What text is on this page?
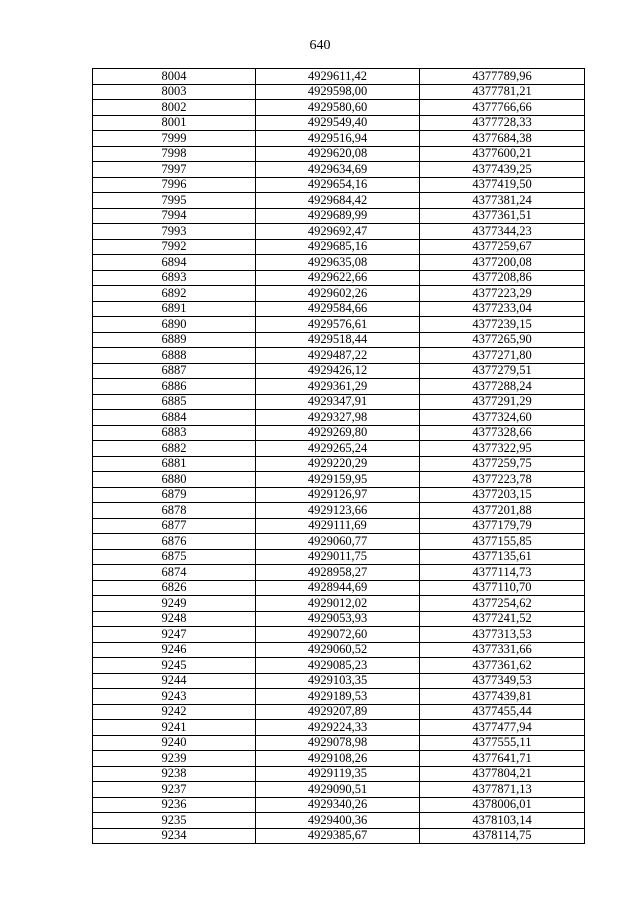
640
8004	4929611,42	4377789,96
8003	4929598,00	4377781,21
8002	4929580,60	4377766,66
8001	4929549,40	4377728,33
7999	4929516,94	4377684,38
7998	4929620,08	4377600,21
7997	4929634,69	4377439,25
7996	4929654,16	4377419,50
7995	4929684,42	4377381,24
7994	4929689,99	4377361,51
7993	4929692,47	4377344,23
7992	4929685,16	4377259,67
6894	4929635,08	4377200,08
6893	4929622,66	4377208,86
6892	4929602,26	4377223,29
6891	4929584,66	4377233,04
6890	4929576,61	4377239,15
6889	4929518,44	4377265,90
6888	4929487,22	4377271,80
6887	4929426,12	4377279,51
6886	4929361,29	4377288,24
6885	4929347,91	4377291,29
6884	4929327,98	4377324,60
6883	4929269,80	4377328,66
6882	4929265,24	4377322,95
6881	4929220,29	4377259,75
6880	4929159,95	4377223,78
6879	4929126,97	4377203,15
6878	4929123,66	4377201,88
6877	4929111,69	4377179,79
6876	4929060,77	4377155,85
6875	4929011,75	4377135,61
6874	4928958,27	4377114,73
6826	4928944,69	4377110,70
9249	4929012,02	4377254,62
9248	4929053,93	4377241,52
9247	4929072,60	4377313,53
9246	4929060,52	4377331,66
9245	4929085,23	4377361,62
9244	4929103,35	4377349,53
9243	4929189,53	4377439,81
9242	4929207,89	4377455,44
9241	4929224,33	4377477,94
9240	4929078,98	4377555,11
9239	4929108,26	4377641,71
9238	4929119,35	4377804,21
9237	4929090,51	4377871,13
9236	4929340,26	4378006,01
9235	4929400,36	4378103,14
9234	4929385,67	4378114,75
